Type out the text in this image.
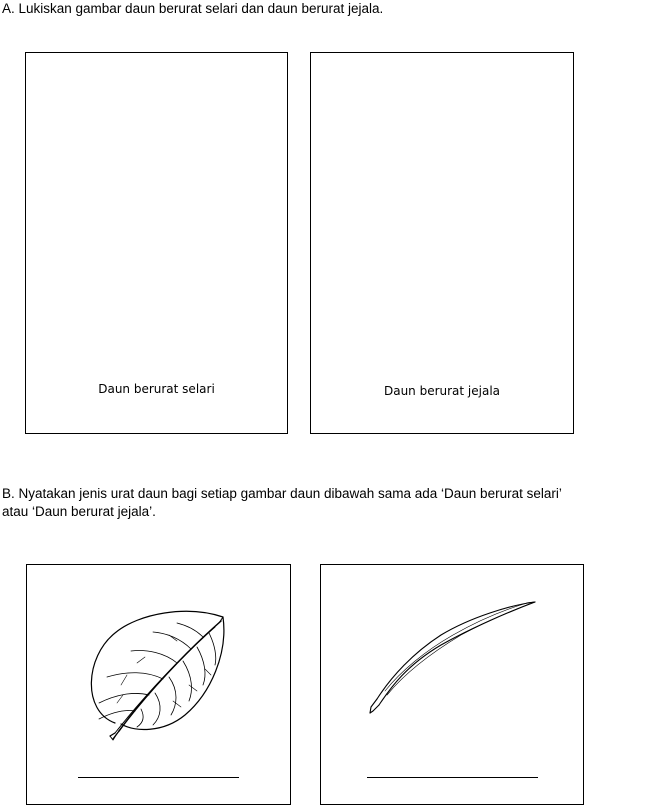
A. Lukiskan gambar daun berurat selari dan daun berurat jejala.

Daun berurat selari	Daun berurat jejala
B. Nyatakan jenis urat daun bagi setiap gambar daun dibawah sama ada ‘Daun berurat selari’
atau ‘Daun berurat jejala’.
